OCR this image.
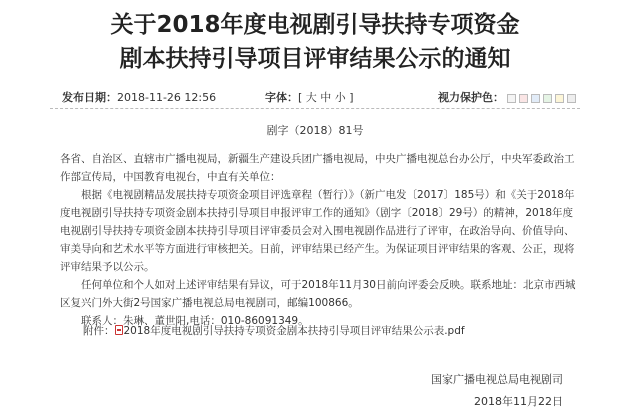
关于2018年度电视剧引导扶持专项资金
剧本扶持引导项目评审结果公示的通知
发布日期：2018-11-26 12:56	字体：[ 大 中 小 ]	视力保护色：
剧字（2018）81号

各省、自治区、直辖市广播电视局，新疆生产建设兵团广播电视局，中央广播电视总台办公厅，中央军委政治工作部宣传局，中国教育电视台，中直有关单位：

根据《电视剧精品发展扶持专项资金项目评选章程（暂行）》（新广电发〔2017〕185号）和《关于2018年度电视剧引导扶持专项资金剧本扶持引导项目申报评审工作的通知》（剧字〔2018〕29号）的精神，2018年度电视剧引导扶持专项资金剧本扶持引导项目评审委员会对入围电视剧作品进行了评审，在政治导向、价值导向、审美导向和艺术水平等方面进行审核把关。日前，评审结果已经产生。为保证项目评审结果的客观、公正，现将评审结果予以公示。

任何单位和个人如对上述评审结果有异议，可于2018年11月30日前向评委会反映。联系地址：北京市西城区复兴门外大街2号国家广播电视总局电视剧司，邮编100866。

联系人：朱琳、董世阳,电话：010-86091349。

附件： 2018年度电视剧引导扶持专项资金剧本扶持引导项目评审结果公示表.pdf
国家广播电视总局电视剧司
2018年11月22日
